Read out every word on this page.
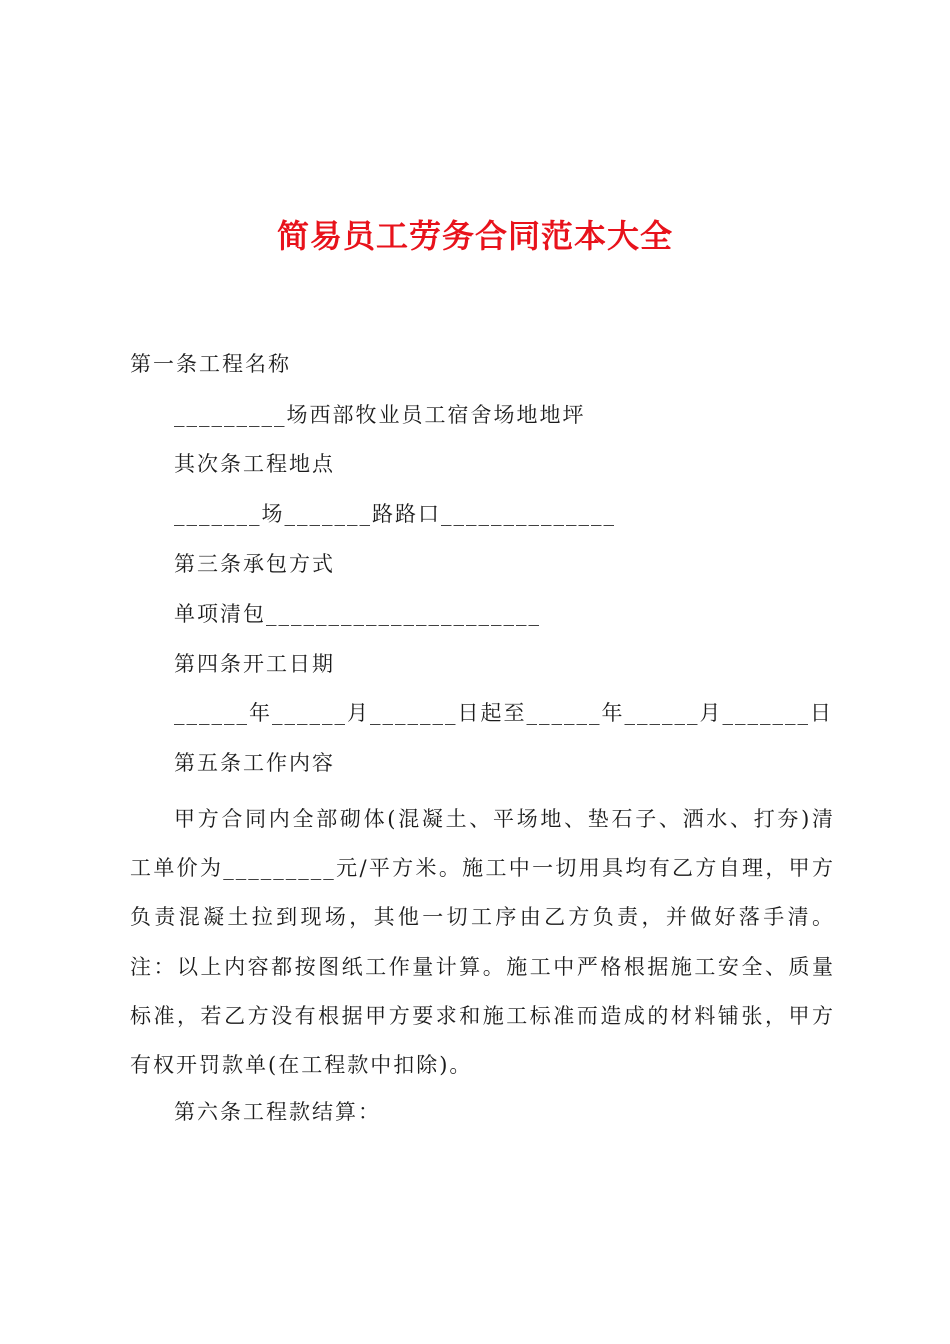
简易员工劳务合同范本大全
第一条工程名称
_________场西部牧业员工宿舍场地地坪
其次条工程地点
_______场_______路路口______________
第三条承包方式
单项清包______________________
第四条开工日期
______年______月_______日起至______年______月_______日
第五条工作内容
甲方合同内全部砌体(混凝土、平场地、垫石子、洒水、打夯)清工单价为_________元/平方米。施工中一切用具均有乙方自理，甲方负责混凝土拉到现场，其他一切工序由乙方负责，并做好落手清。注：以上内容都按图纸工作量计算。施工中严格根据施工安全、质量标准，若乙方没有根据甲方要求和施工标准而造成的材料铺张，甲方有权开罚款单(在工程款中扣除)。
第六条工程款结算：
